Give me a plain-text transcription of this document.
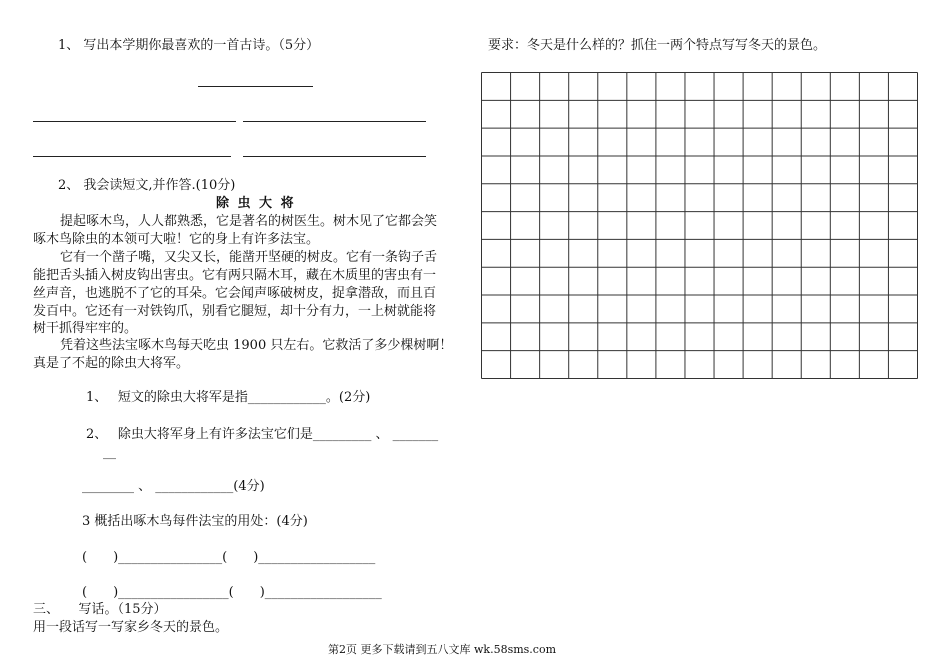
1、 写出本学期你最喜欢的一首古诗。（5分）
2、 我会读短文,并作答.(10分)
除 虫 大 将
提起啄木鸟，人人都熟悉，它是著名的树医生。树木见了它都会笑
啄木鸟除虫的本领可大啦！它的身上有许多法宝。
它有一个凿子嘴，又尖又长，能凿开坚硬的树皮。它有一条钩子舌
能把舌头插入树皮钩出害虫。它有两只隔木耳，藏在木质里的害虫有一
丝声音，也逃脱不了它的耳朵。它会闻声啄破树皮，捉拿潜敌，而且百
发百中。它还有一对铁钩爪，别看它腿短，却十分有力，一上树就能将
树干抓得牢牢的。
凭着这些法宝啄木鸟每天吃虫 1900 只左右。它救活了多少棵树啊！
真是了不起的除虫大将军。
1、　 短文的除虫大将军是指____________。(2分)
2、　 除虫大将军身上有许多法宝它们是_________ 、 _______
__
________ 、 ____________(4分)
3 概括出啄木鸟每件法宝的用处：(4分)
(　　)________________(　　)__________________
(　　)_________________(　　)__________________
三、　　写话。（15分）
用一段话写一写家乡冬天的景色。
要求：冬天是什么样的？抓住一两个特点写写冬天的景色。
第2页 更多下载请到五八文库 wk.58sms.com
